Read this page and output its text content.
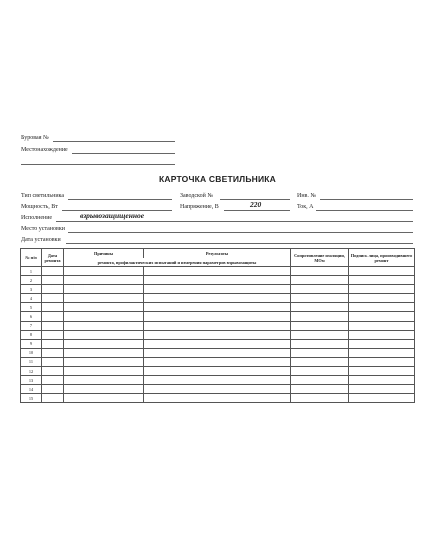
Буровая №
Местонахождение
КАРТОЧКА СВЕТИЛЬНИКА
Тип светильника	Заводской №	Инв. №
Мощность, Вт	Напряжение, В	220	Ток, А
Исполнение	взрывозащищенное
Место установки
Дата установки
№ п/п	Дата ремонта	Причины	Результаты	Сопротивление изоляции, МОм	Подпись лица, производившего ремонт
		ремонта, профилактических испытаний и измерения параметров взрывозащиты			
1					
2					
3					
4					
5					
6					
7					
8					
9					
10					
11					
12					
13					
14					
15					
